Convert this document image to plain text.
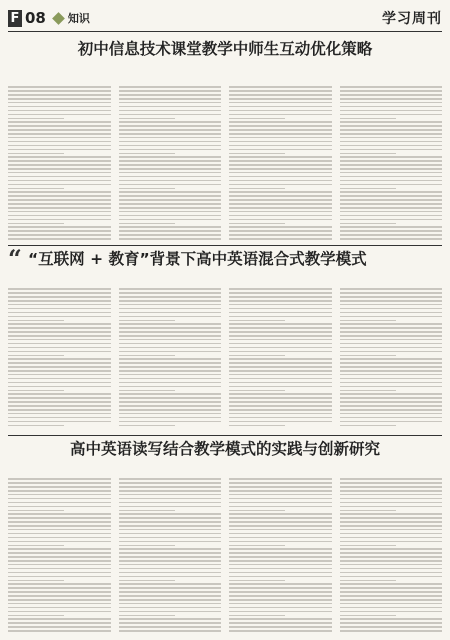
F 08 知识	学习周刊
初中信息技术课堂教学中师生互动优化策略

“ “互联网 + 教育”背景下高中英语混合式教学模式

高中英语读写结合教学模式的实践与创新研究
